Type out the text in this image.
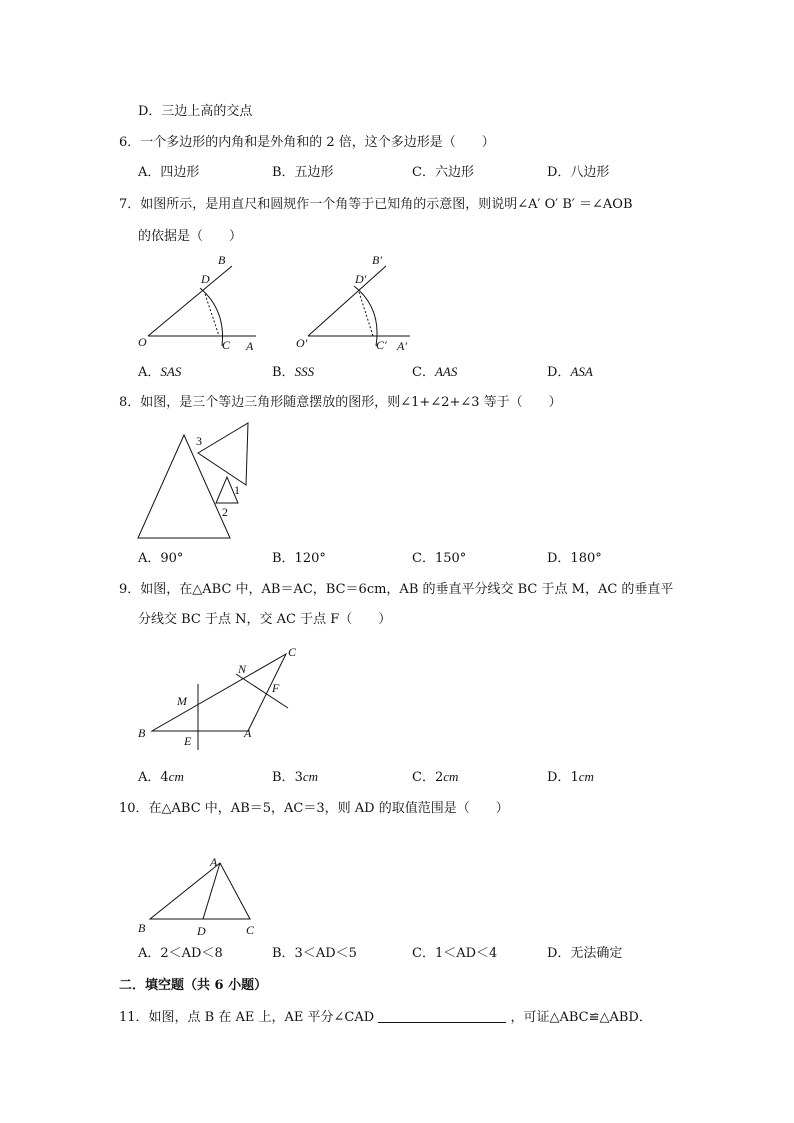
D．三边上高的交点
6．一个多边形的内角和是外角和的 2 倍，这个多边形是（　　）
A．四边形	B．五边形	C．六边形	D．八边形
7．如图所示，是用直尺和圆规作一个角等于已知角的示意图，则说明∠A′ O′ B′ ＝∠AOB
的依据是（　　）
B
D
O	C A
B′
D′
O′	C′ A′
A．SAS	B．SSS	C．AAS	D．ASA
8．如图，是三个等边三角形随意摆放的图形，则∠1+∠2+∠3 等于（　　）
3
1
2
A．90°	B．120°	C．150°	D．180°
9．如图，在△ABC 中，AB＝AC，BC＝6cm，AB 的垂直平分线交 BC 于点 M，AC 的垂直平
分线交 BC 于点 N，交 AC 于点 F（　　）
C
N
F
M
B	A
E
A．4cm	B．3cm	C．2cm	D．1cm
10．在△ABC 中，AB＝5，AC＝3，则 AD 的取值范围是（　　）
A
B	D	C
A．2＜AD＜8	B．3＜AD＜5	C．1＜AD＜4	D．无法确定
二．填空题（共 6 小题）
11．如图，点 B 在 AE 上，AE 平分∠CAD	，可证△ABC≌△ABD．
